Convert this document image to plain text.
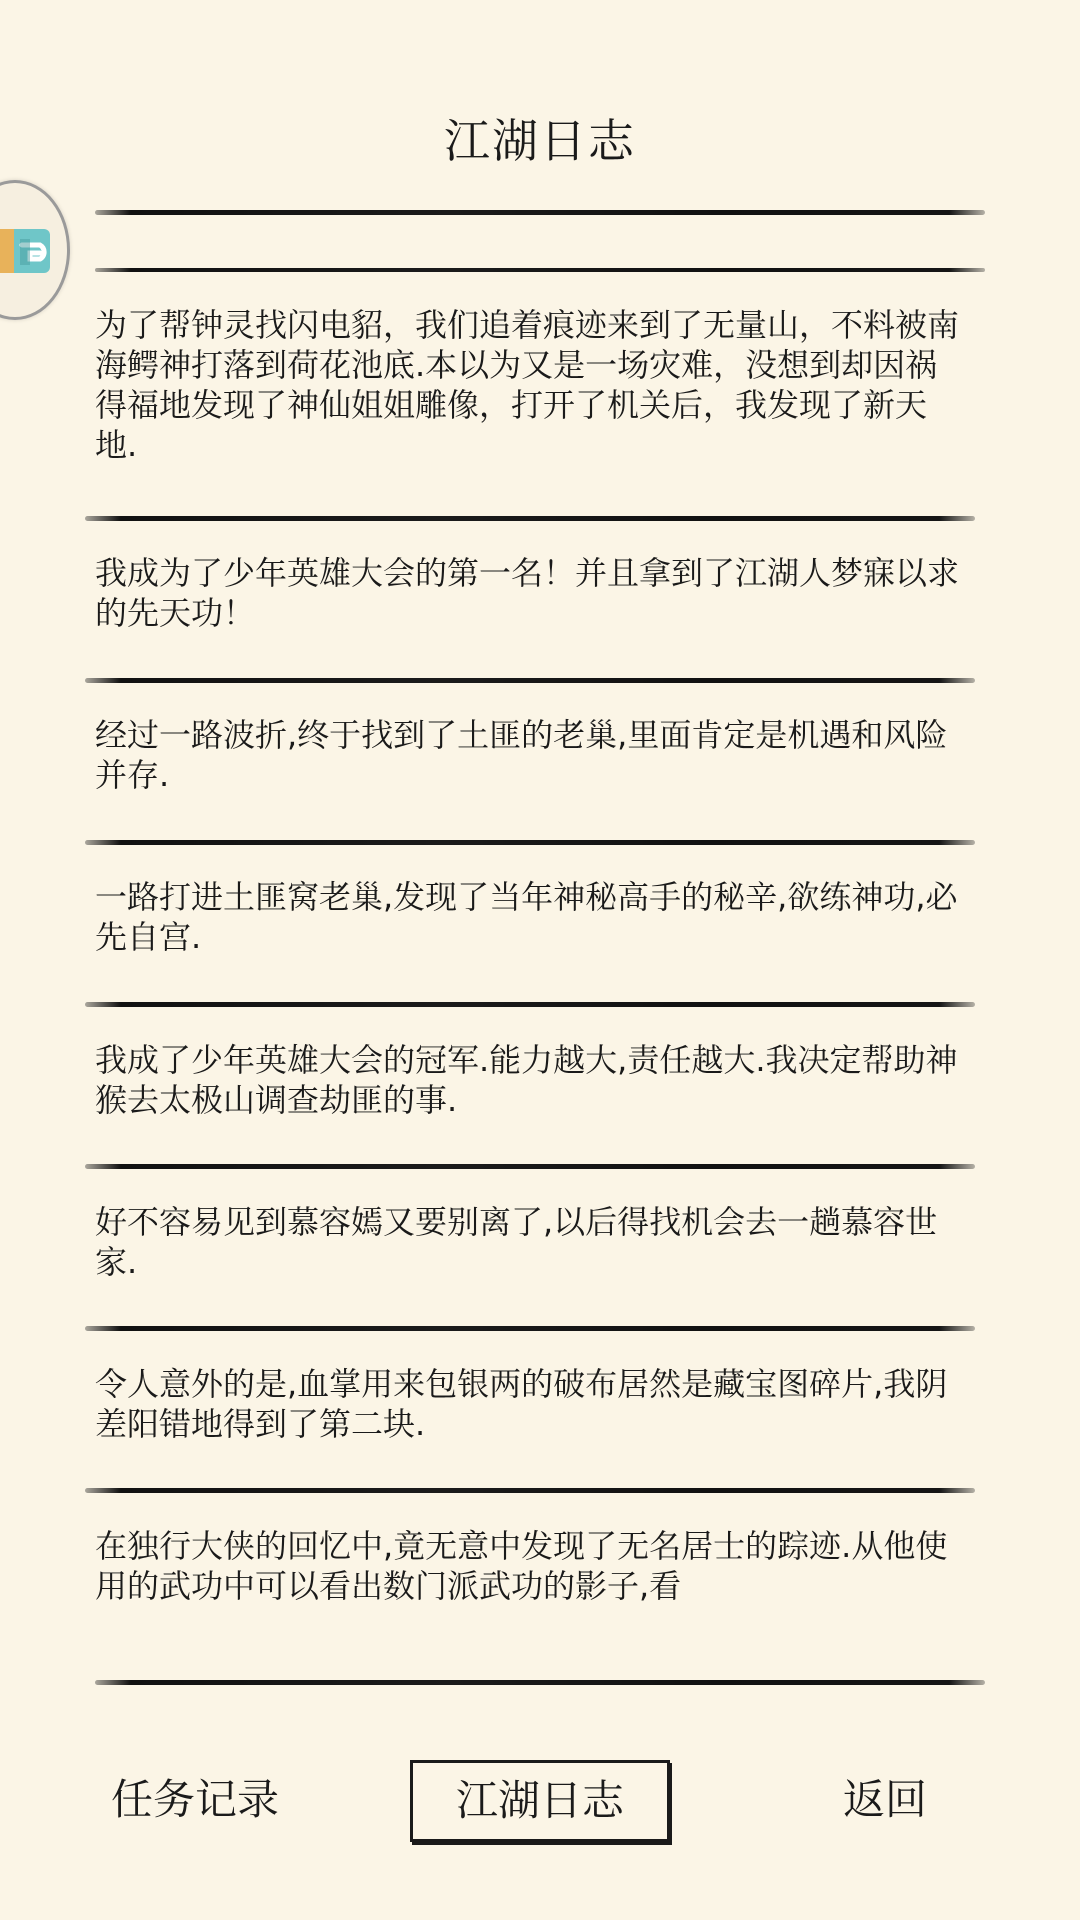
江湖日志
为了帮钟灵找闪电貂，我们追着痕迹来到了无量山，不料被南海鳄神打落到荷花池底.本以为又是一场灾难，没想到却因祸得福地发现了神仙姐姐雕像，打开了机关后，我发现了新天地.
我成为了少年英雄大会的第一名！并且拿到了江湖人梦寐以求的先天功！
经过一路波折,终于找到了土匪的老巢,里面肯定是机遇和风险并存.
一路打进土匪窝老巢,发现了当年神秘高手的秘辛,欲练神功,必先自宫.
我成了少年英雄大会的冠军.能力越大,责任越大.我决定帮助神猴去太极山调查劫匪的事.
好不容易见到慕容嫣又要别离了,以后得找机会去一趟慕容世家.
令人意外的是,血掌用来包银两的破布居然是藏宝图碎片,我阴差阳错地得到了第二块.
在独行大侠的回忆中,竟无意中发现了无名居士的踪迹.从他使用的武功中可以看出数门派武功的影子,看
任务记录	江湖日志	返回
